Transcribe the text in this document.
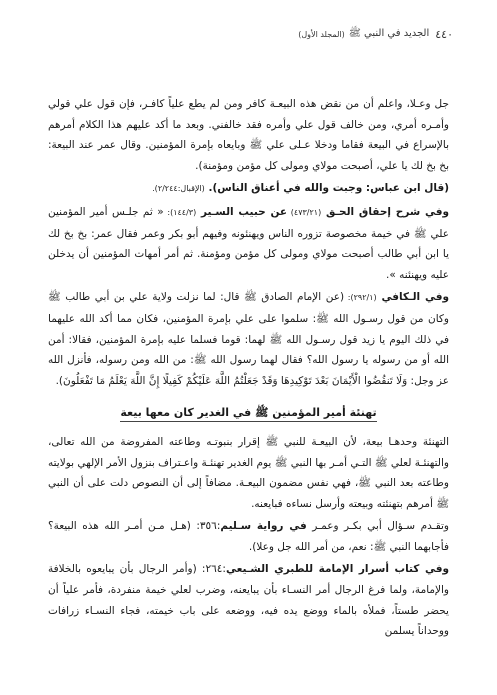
٤٤٠
الجديد في النبي ﷺ
(المجلد الأول)

جل وعـلا، واعلم أن من نقض هذه البيعـة كافر ومن لم يطع علياً كافـر، فإن قول علي قولي وأمـره أمري، ومن خالف قول علي وأمره فقد خالفني. وبعد ما أكد عليهم هذا الكلام أمرهم بالإسراع في البيعة فقاما ودخلا عـلى علي ﷺ وبايعاه بإمرة المؤمنين. وقال عمر عند البيعة: بخ بخ لك يا علي، أصبحت مولاي ومولى كل مؤمن ومؤمنة).

(قال ابن عباس: وجبت والله في أعناق الناس). (الإقبال:٢/٢٤٤).

وفي شرح إحقاق الحـق (٤٧٣/٢١) عن حبيب السـير (١٤٤/٣): « ثم جلـس أمير المؤمنين علي ﷺ في خيمة مخصوصة تزوره الناس ويهنئونه وفيهم أبو بكر وعمر فقال عمر: بخ بخ لك يا ابن أبي طالب أصبحت مولاي ومولى كل مؤمن ومؤمنة. ثم أمر أمهات المؤمنين أن يدخلن عليه ويهنئنه ».

وفي الـكافي (٢٩٢/١): (عن الإمام الصادق ﷺ قال: لما نزلت ولاية علي بن أبي طالب ﷺ وكان من قول رسـول الله ﷺ: سلموا على علي بإمرة المؤمنين، فكان مما أكد الله عليهما في ذلك اليوم يا زيد قول رسـول الله ﷺ لهما: قوما فسلما عليه بإمرة المؤمنين، فقالا: أمن الله أو من رسوله يا رسول الله؟ فقال لهما رسول الله ﷺ: من الله ومن رسوله، فأنزل الله عز وجل: وَلَا تَنقُضُوا الْأَيْمَانَ بَعْدَ تَوْكِيدِهَا وَقَدْ جَعَلْتُمُ اللَّهَ عَلَيْكُمْ كَفِيلًا إِنَّ اللَّهَ يَعْلَمُ مَا تَفْعَلُونَ).

تهنئة أمير المؤمنين ﷺ في الغدير كان معها بيعة

التهنئة وحدهـا بيعة، لأن البيعـة للنبي ﷺ إقرار بنبوتـه وطاعته المفروضة من الله تعالى، والتهنئـة لعلي ﷺ التـي أمـر بها النبي ﷺ يوم الغدير تهنئـة واعـتراف بنزول الأمر الإلهي بولايته وطاعته بعد النبي ﷺ، فهي نفس مضمون البيعـة. مضافاً إلى أن النصوص دلت على أن النبي ﷺ أمرهم بتهنئته وبيعته وأرسل نساءه فبايعنه.

وتقـدم سـؤال أبي بكـر وعمـر في رواية سـليم:٣٥٦: (هـل مـن أمـر الله هذه البيعة؟ فأجابهما النبي ﷺ: نعم، من أمر الله جل وعلا).

وفي كتاب أسرار الإمامة للطبري الشـيعي:٢٦٤: (وأمر الرجال بأن يبايعوه بالخلافة والإمامة، ولما فرغ الرجال أمر النسـاء بأن يبايعنه، وضرب لعلي خيمة منفردة، فأمر علياً أن يحضر طستاً، فملأه بالماء ووضع يده فيه، ووضعه على باب خيمته، فجاء النسـاء زرافات ووحداناً يسلمن
